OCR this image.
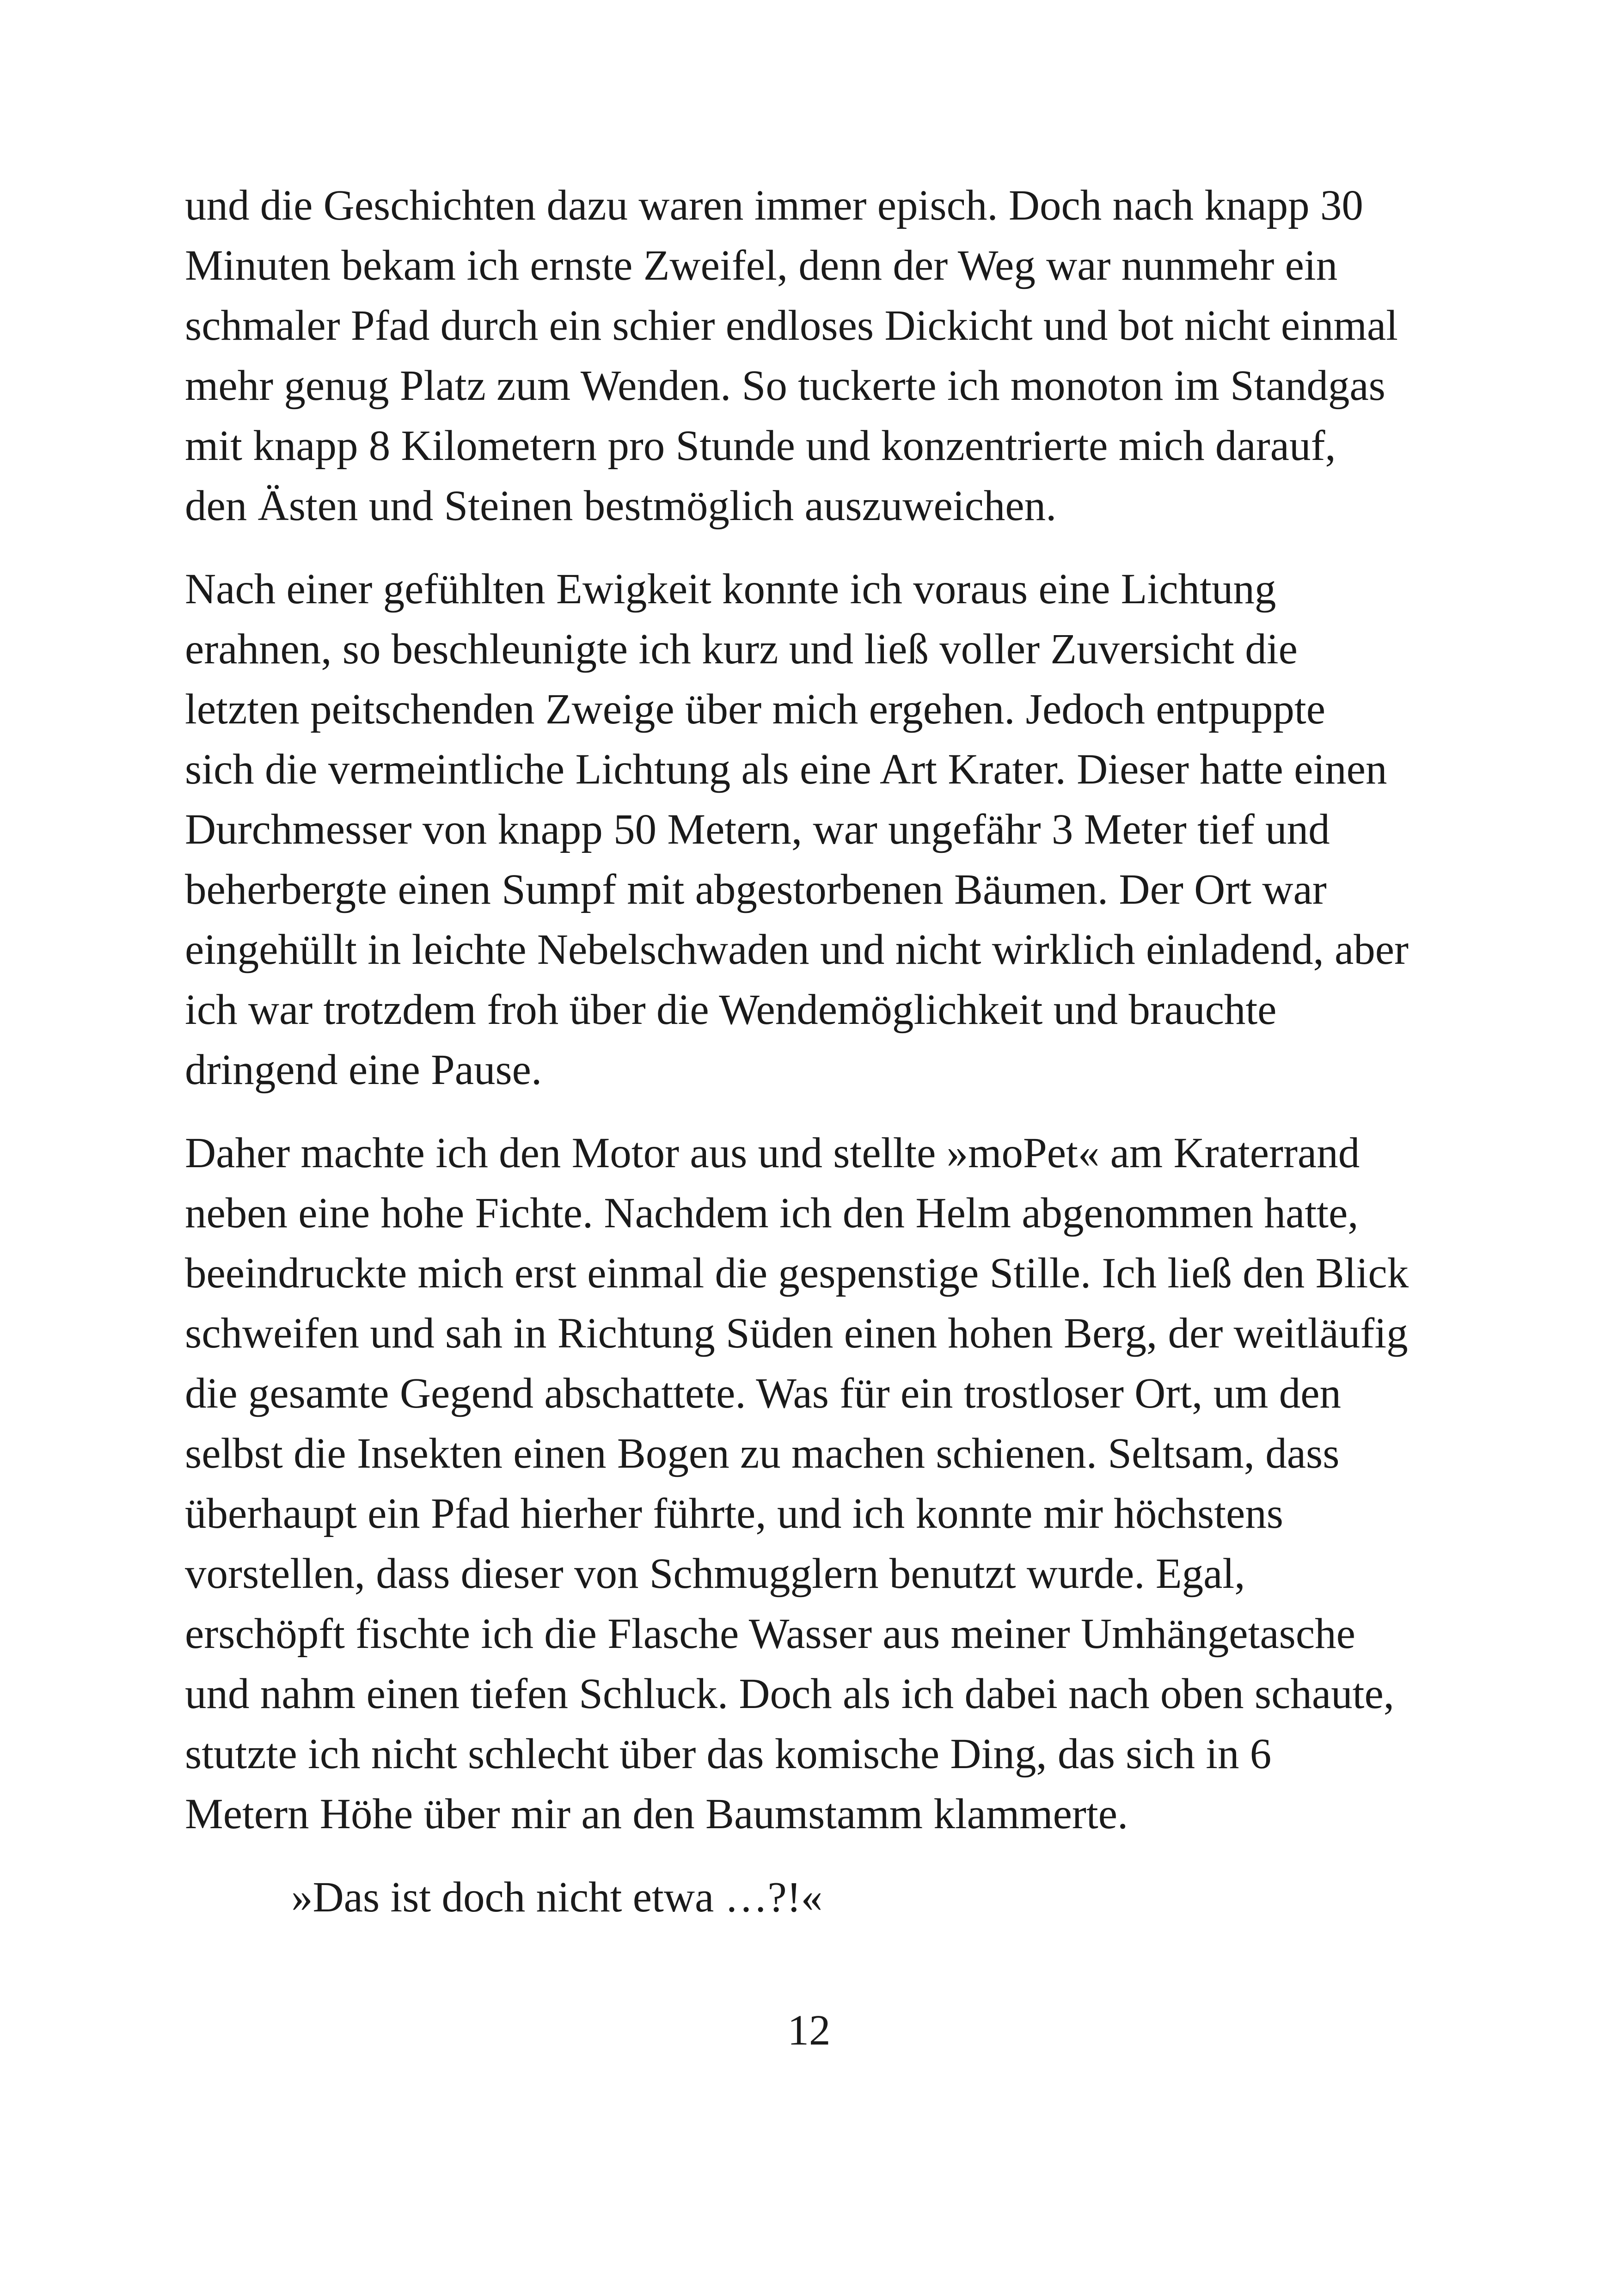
und die Geschichten dazu waren immer episch. Doch nach knapp 30
Minuten bekam ich ernste Zweifel, denn der Weg war nunmehr ein
schmaler Pfad durch ein schier endloses Dickicht und bot nicht einmal
mehr genug Platz zum Wenden. So tuckerte ich monoton im Standgas
mit knapp 8 Kilometern pro Stunde und konzentrierte mich darauf,
den Ästen und Steinen bestmöglich auszuweichen.

Nach einer gefühlten Ewigkeit konnte ich voraus eine Lichtung
erahnen, so beschleunigte ich kurz und ließ voller Zuversicht die
letzten peitschenden Zweige über mich ergehen. Jedoch entpuppte
sich die vermeintliche Lichtung als eine Art Krater. Dieser hatte einen
Durchmesser von knapp 50 Metern, war ungefähr 3 Meter tief und
beherbergte einen Sumpf mit abgestorbenen Bäumen. Der Ort war
eingehüllt in leichte Nebelschwaden und nicht wirklich einladend, aber
ich war trotzdem froh über die Wendemöglichkeit und brauchte
dringend eine Pause.

Daher machte ich den Motor aus und stellte »moPet« am Kraterrand
neben eine hohe Fichte. Nachdem ich den Helm abgenommen hatte,
beeindruckte mich erst einmal die gespenstige Stille. Ich ließ den Blick
schweifen und sah in Richtung Süden einen hohen Berg, der weitläufig
die gesamte Gegend abschattete. Was für ein trostloser Ort, um den
selbst die Insekten einen Bogen zu machen schienen. Seltsam, dass
überhaupt ein Pfad hierher führte, und ich konnte mir höchstens
vorstellen, dass dieser von Schmugglern benutzt wurde. Egal,
erschöpft fischte ich die Flasche Wasser aus meiner Umhängetasche
und nahm einen tiefen Schluck. Doch als ich dabei nach oben schaute,
stutzte ich nicht schlecht über das komische Ding, das sich in 6
Metern Höhe über mir an den Baumstamm klammerte.

»Das ist doch nicht etwa …?!«

12
